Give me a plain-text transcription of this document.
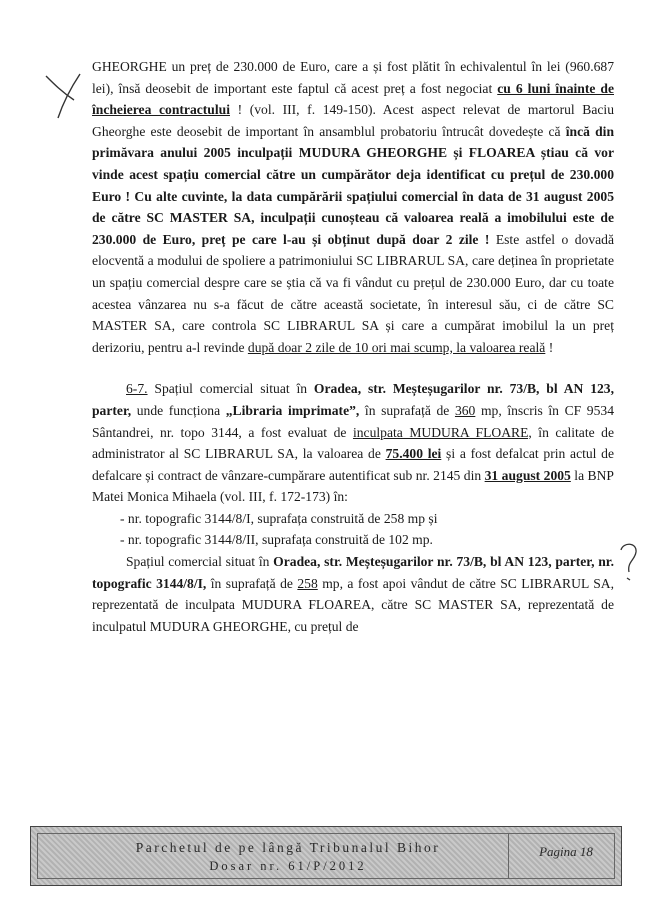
GHEORGHE un preț de 230.000 de Euro, care a și fost plătit în echivalentul în lei (960.687 lei), însă deosebit de important este faptul că acest preț a fost negociat cu 6 luni înainte de încheierea contractului ! (vol. III, f. 149-150). Acest aspect relevat de martorul Baciu Gheorghe este deosebit de important în ansamblul probatoriu întrucât dovedește că încă din primăvara anului 2005 inculpații MUDURA GHEORGHE și FLOAREA știau că vor vinde acest spațiu comercial către un cumpărător deja identificat cu prețul de 230.000 Euro ! Cu alte cuvinte, la data cumpărării spațiului comercial în data de 31 august 2005 de către SC MASTER SA, inculpații cunoșteau că valoarea reală a imobilului este de 230.000 de Euro, preț pe care l-au și obținut după doar 2 zile ! Este astfel o dovadă elocventă a modului de spoliere a patrimoniului SC LIBRARUL SA, care deținea în proprietate un spațiu comercial despre care se știa că va fi vândut cu prețul de 230.000 Euro, dar cu toate acestea vânzarea nu s-a făcut de către această societate, în interesul său, ci de către SC MASTER SA, care controla SC LIBRARUL SA și care a cumpărat imobilul la un preț derizoriu, pentru a-l revinde după doar 2 zile de 10 ori mai scump, la valoarea reală !

6-7. Spațiul comercial situat în Oradea, str. Meșteșugarilor nr. 73/B, bl AN 123, parter, unde funcționa „Libraria imprimate”, în suprafață de 360 mp, înscris în CF 9534 Sântandrei, nr. topo 3144, a fost evaluat de inculpata MUDURA FLOARE, în calitate de administrator al SC LIBRARUL SA, la valoarea de 75.400 lei și a fost defalcat prin actul de defalcare și contract de vânzare-cumpărare autentificat sub nr. 2145 din 31 august 2005 la BNP Matei Monica Mihaela (vol. III, f. 172-173) în:

- nr. topografic 3144/8/I, suprafața construită de 258 mp și
- nr. topografic 3144/8/II, suprafața construită de 102 mp.

Spațiul comercial situat în Oradea, str. Meșteșugarilor nr. 73/B, bl AN 123, parter, nr. topografic 3144/8/I, în suprafață de 258 mp, a fost apoi vândut de către SC LIBRARUL SA, reprezentată de inculpata MUDURA FLOAREA, către SC MASTER SA, reprezentată de inculpatul MUDURA GHEORGHE, cu prețul de

Parchetul de pe lângă Tribunalul Bihor
Dosar nr. 61/P/2012
Pagina 18
